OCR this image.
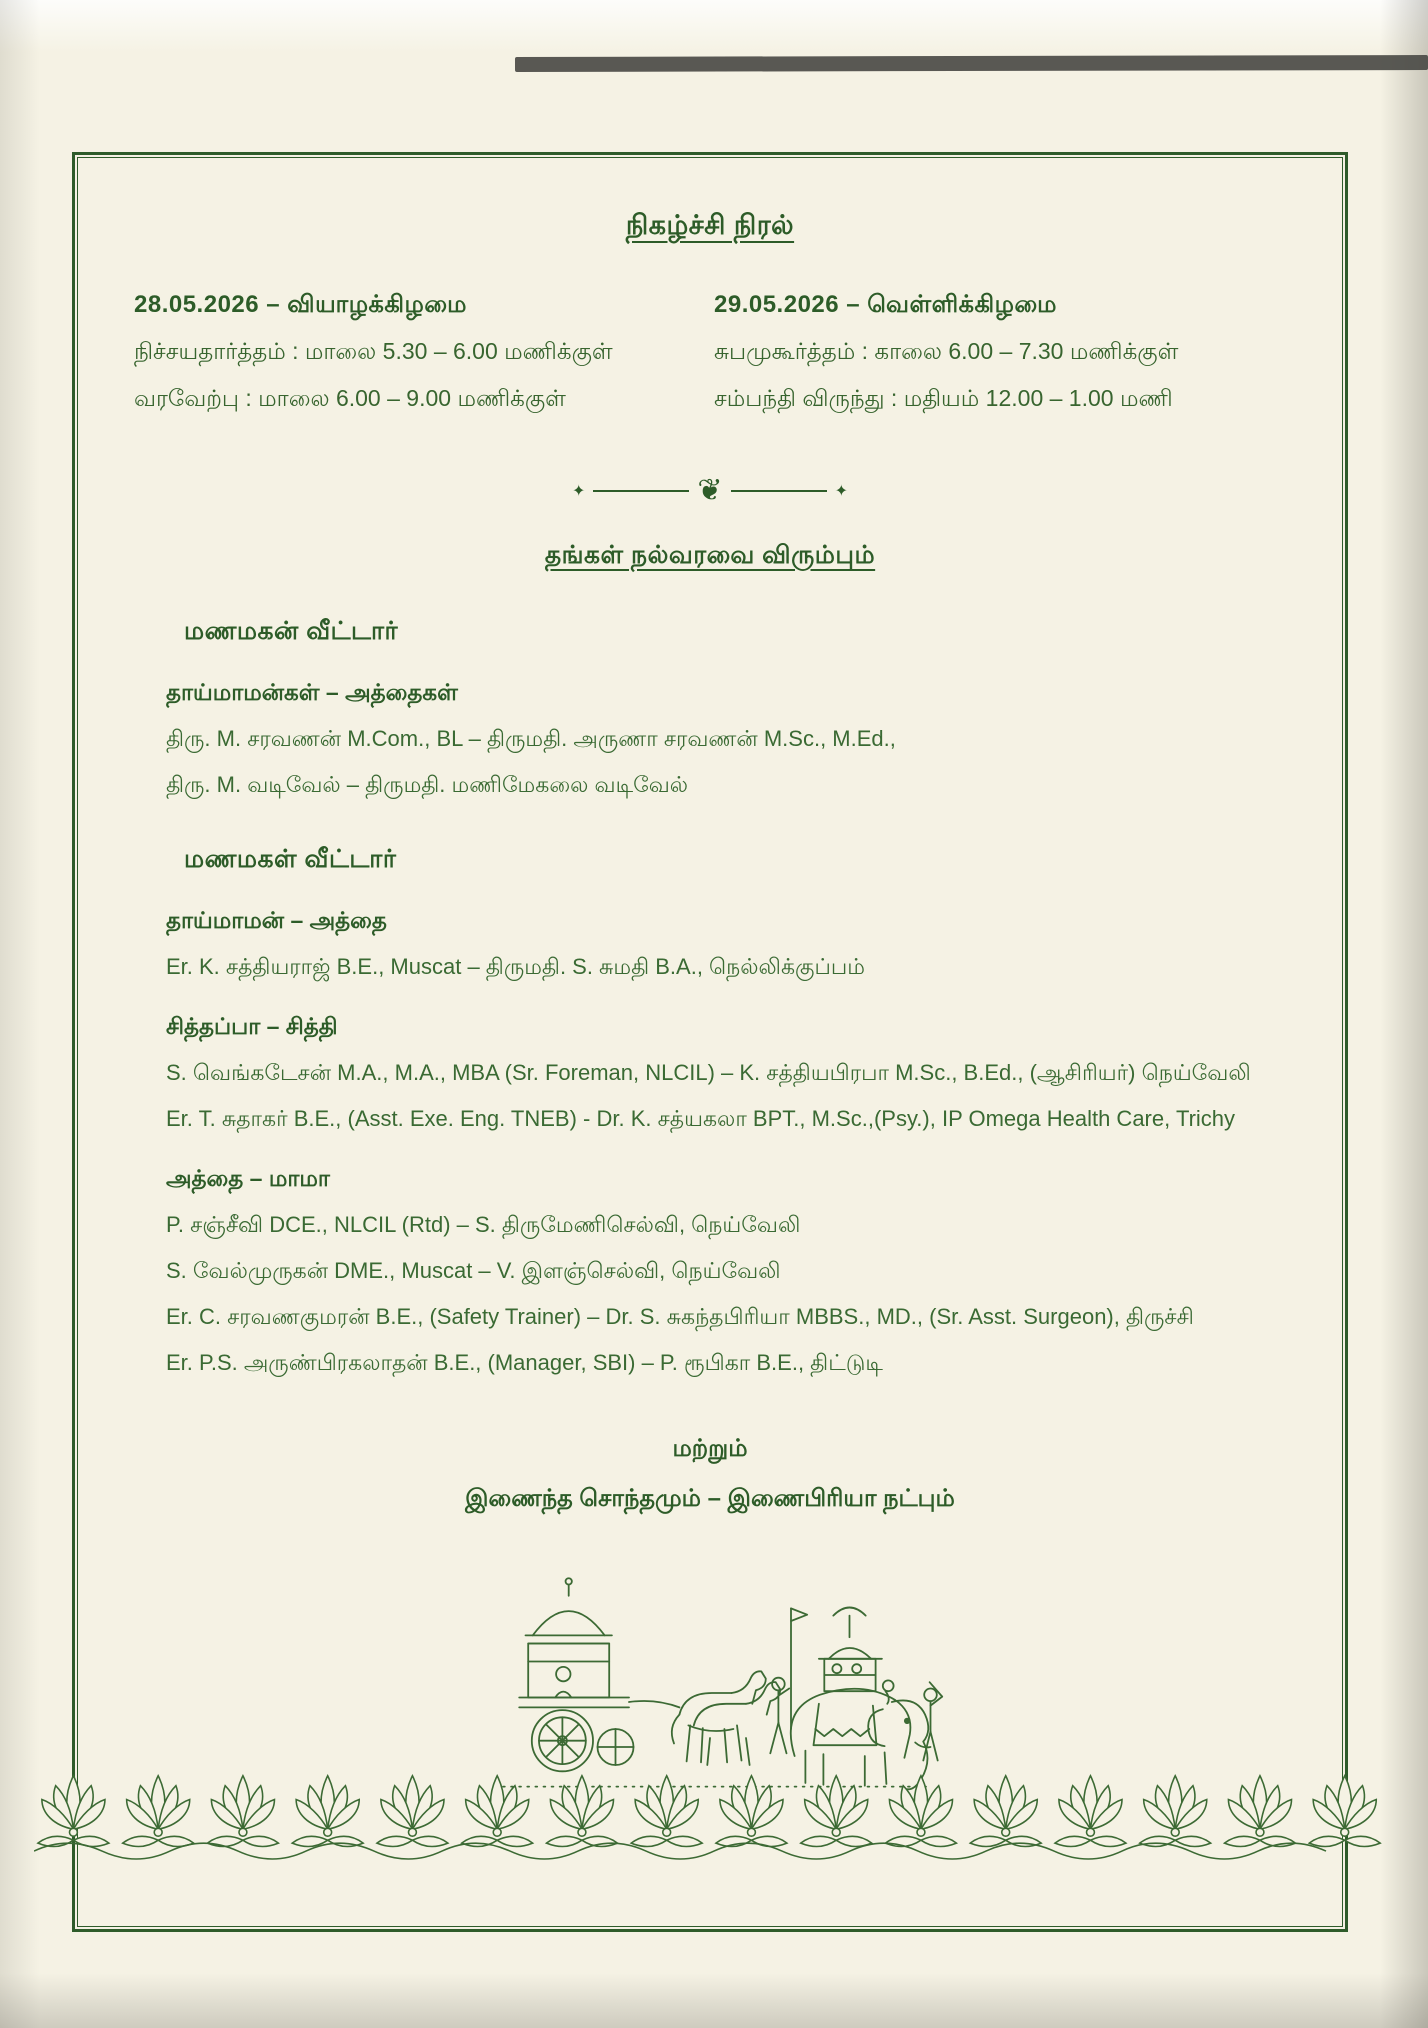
நிகழ்ச்சி நிரல்
28.05.2026 – வியாழக்கிழமை
நிச்சயதார்த்தம் : மாலை 5.30 – 6.00 மணிக்குள்
வரவேற்பு : மாலை 6.00 – 9.00 மணிக்குள்
29.05.2026 – வெள்ளிக்கிழமை
சுபமுகூர்த்தம் : காலை 6.00 – 7.30 மணிக்குள்
சம்பந்தி விருந்து : மதியம் 12.00 – 1.00 மணி
✦	❦	✦
தங்கள் நல்வரவை விரும்பும்
மணமகன் வீட்டார்
தாய்மாமன்கள் – அத்தைகள்

திரு. M. சரவணன் M.Com., BL – திருமதி. அருணா சரவணன் M.Sc., M.Ed.,

திரு. M. வடிவேல் – திருமதி. மணிமேகலை வடிவேல்

மணமகள் வீட்டார்
தாய்மாமன் – அத்தை

Er. K. சத்தியராஜ் B.E., Muscat – திருமதி. S. சுமதி B.A., நெல்லிக்குப்பம்

சித்தப்பா – சித்தி

S. வெங்கடேசன் M.A., M.A., MBA (Sr. Foreman, NLCIL) – K. சத்தியபிரபா M.Sc., B.Ed., (ஆசிரியர்) நெய்வேலி

Er. T. சுதாகர் B.E., (Asst. Exe. Eng. TNEB) - Dr. K. சத்யகலா BPT., M.Sc.,(Psy.), IP Omega Health Care, Trichy

அத்தை – மாமா

P. சஞ்சீவி DCE., NLCIL (Rtd) – S. திருமேணிசெல்வி, நெய்வேலி

S. வேல்முருகன் DME., Muscat – V. இளஞ்செல்வி, நெய்வேலி

Er. C. சரவணகுமரன் B.E., (Safety Trainer) – Dr. S. சுகந்தபிரியா MBBS., MD., (Sr. Asst. Surgeon), திருச்சி

Er. P.S. அருண்பிரகலாதன் B.E., (Manager, SBI) – P. ரூபிகா B.E., திட்டுடி

மற்றும்
இணைந்த சொந்தமும் – இணைபிரியா நட்பும்
